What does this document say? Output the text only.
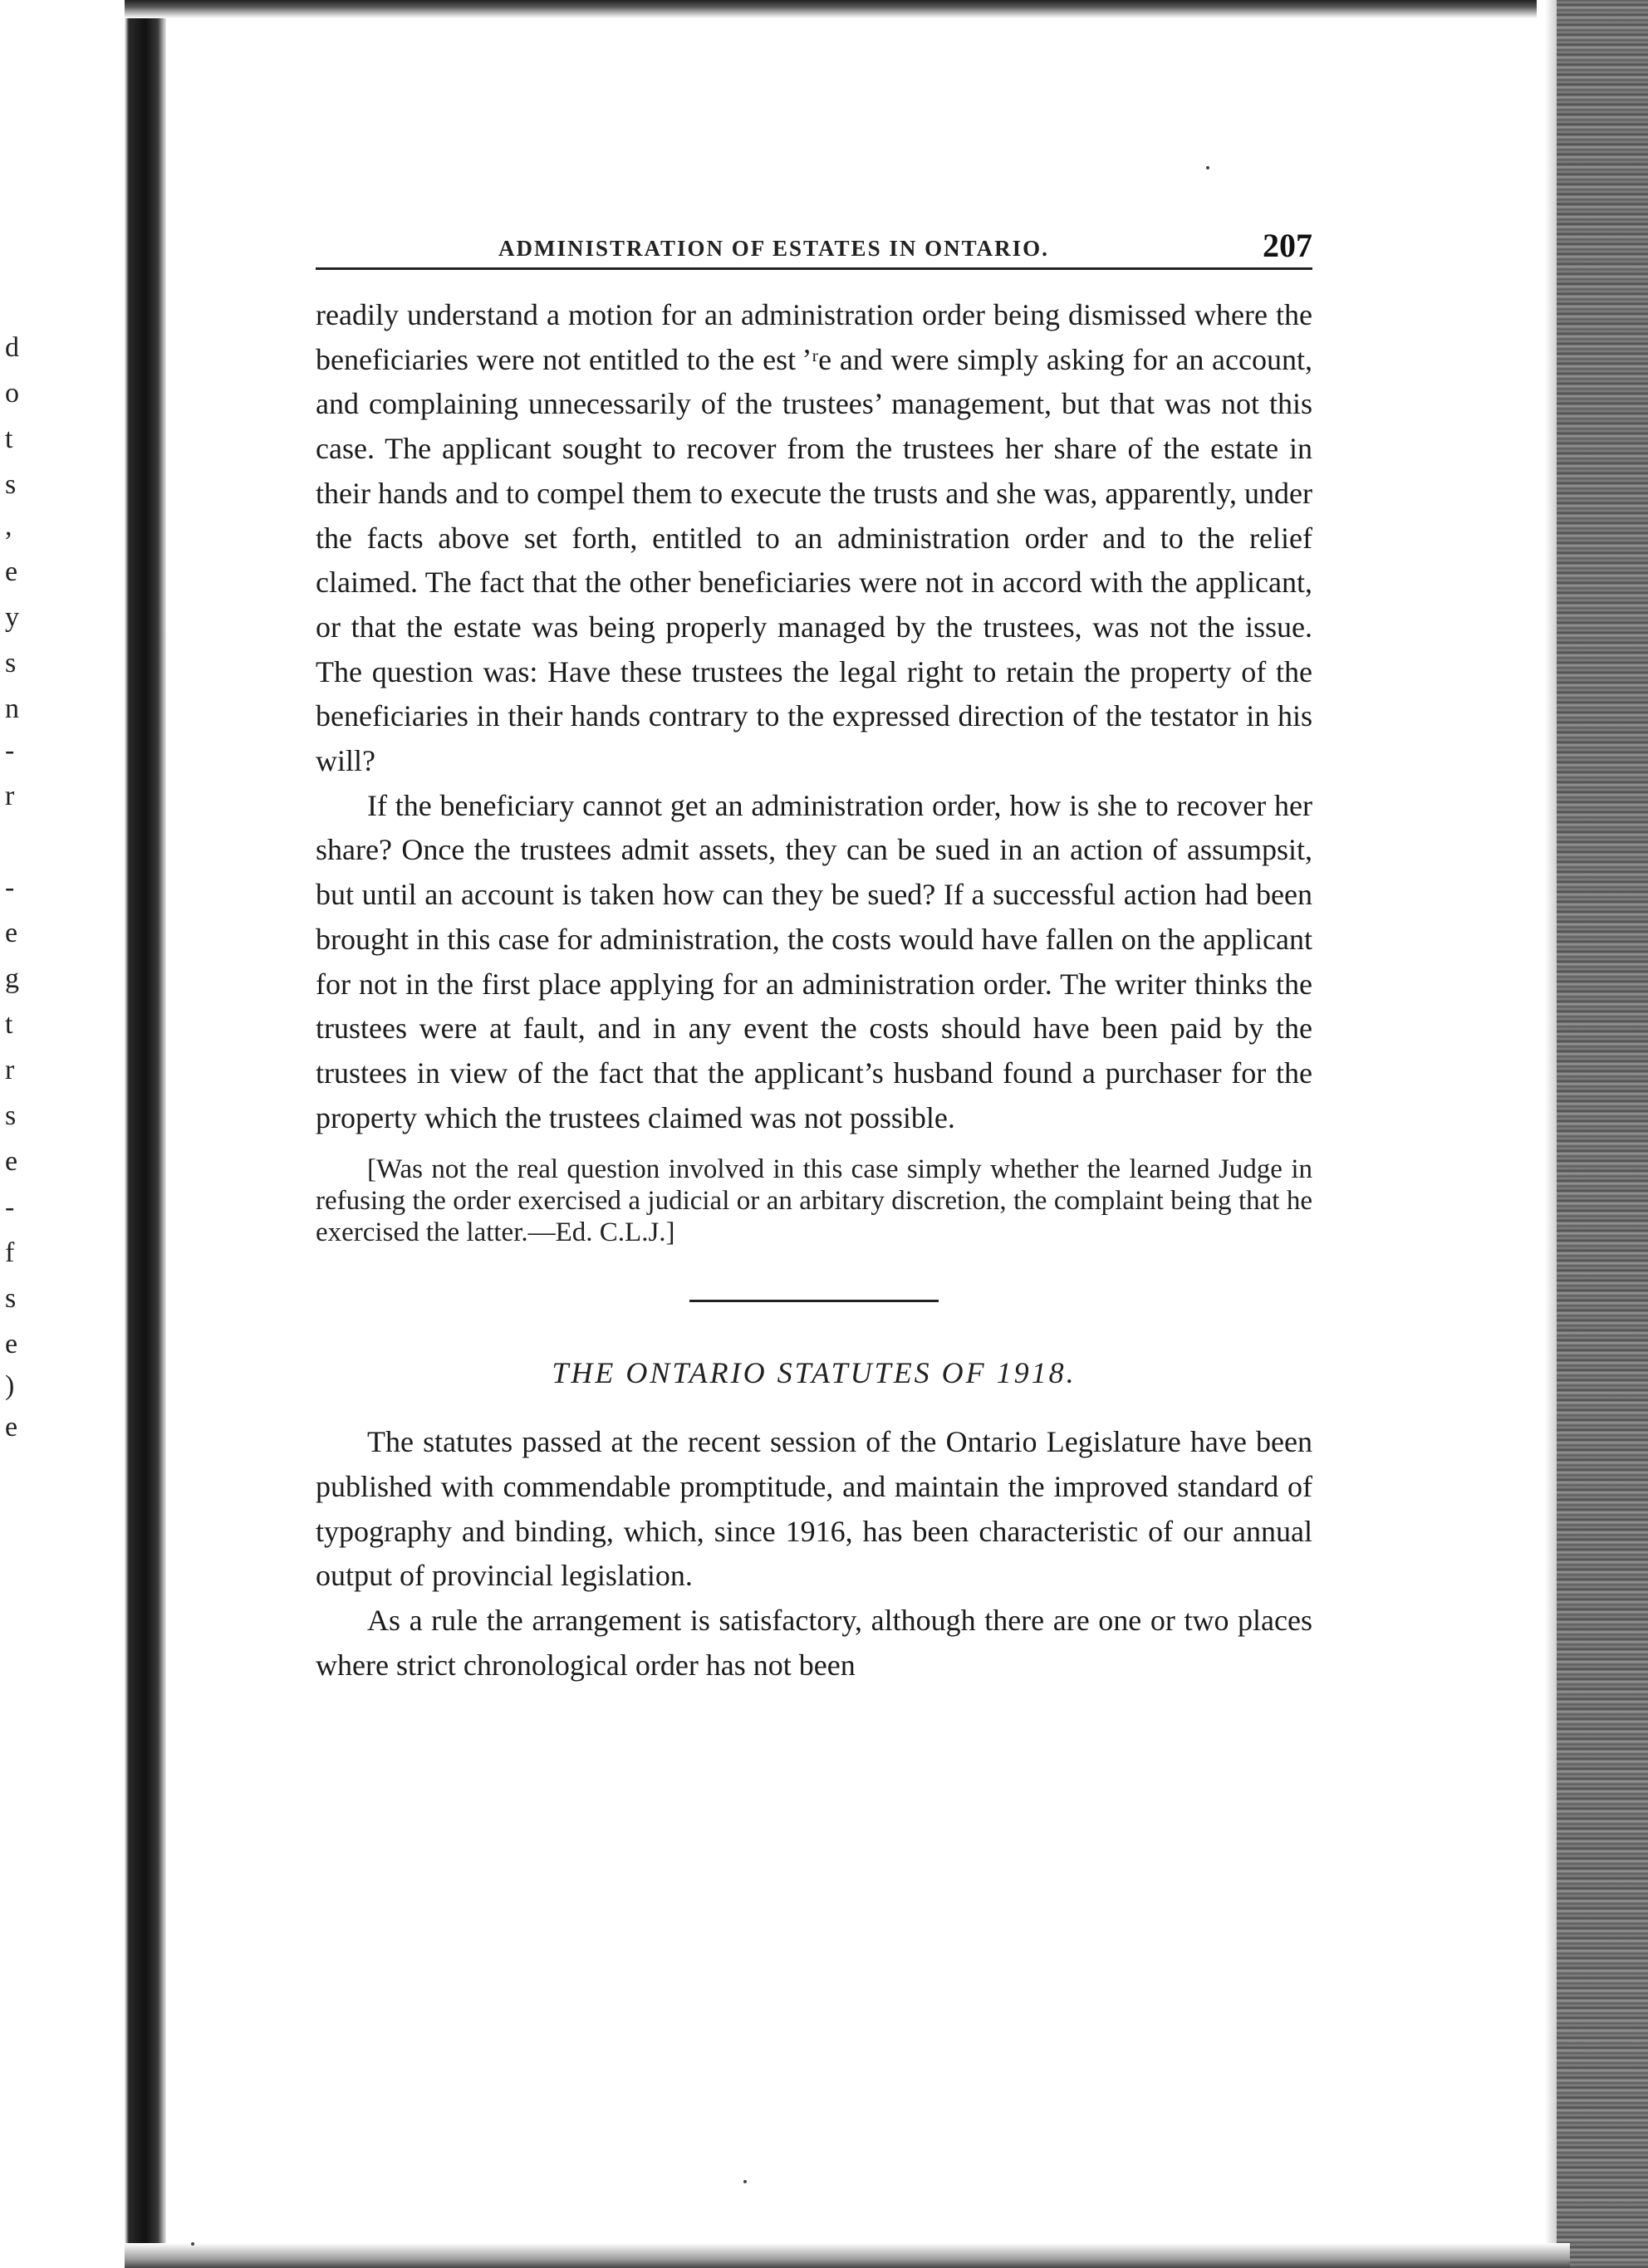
d
o
t
s
,
e
y
s
n
-
r
-
e
g
t
r
s
e
-
f
s
e
)
e
ADMINISTRATION OF ESTATES IN ONTARIO.	207

readily understand a motion for an administration order being dismissed where the beneficiaries were not entitled to the est ʼʳe and were simply asking for an account, and complaining unnecessarily of the trustees’ management, but that was not this case. The applicant sought to recover from the trustees her share of the estate in their hands and to compel them to execute the trusts and she was, apparently, under the facts above set forth, entitled to an administration order and to the relief claimed. The fact that the other beneficiaries were not in accord with the applicant, or that the estate was being properly managed by the trustees, was not the issue. The question was: Have these trustees the legal right to retain the property of the beneficiaries in their hands contrary to the expressed direction of the testator in his will?

If the beneficiary cannot get an administration order, how is she to recover her share? Once the trustees admit assets, they can be sued in an action of assumpsit, but until an account is taken how can they be sued? If a successful action had been brought in this case for administration, the costs would have fallen on the applicant for not in the first place applying for an administration order. The writer thinks the trustees were at fault, and in any event the costs should have been paid by the trustees in view of the fact that the applicant’s husband found a purchaser for the property which the trustees claimed was not possible.

[Was not the real question involved in this case simply whether the learned Judge in refusing the order exercised a judicial or an arbitary discretion, the complaint being that he exercised the latter.—Ed. C.L.J.]

THE ONTARIO STATUTES OF 1918.

The statutes passed at the recent session of the Ontario Legislature have been published with commendable promptitude, and maintain the improved standard of typography and binding, which, since 1916, has been characteristic of our annual output of provincial legislation.

As a rule the arrangement is satisfactory, although there are one or two places where strict chronological order has not been
